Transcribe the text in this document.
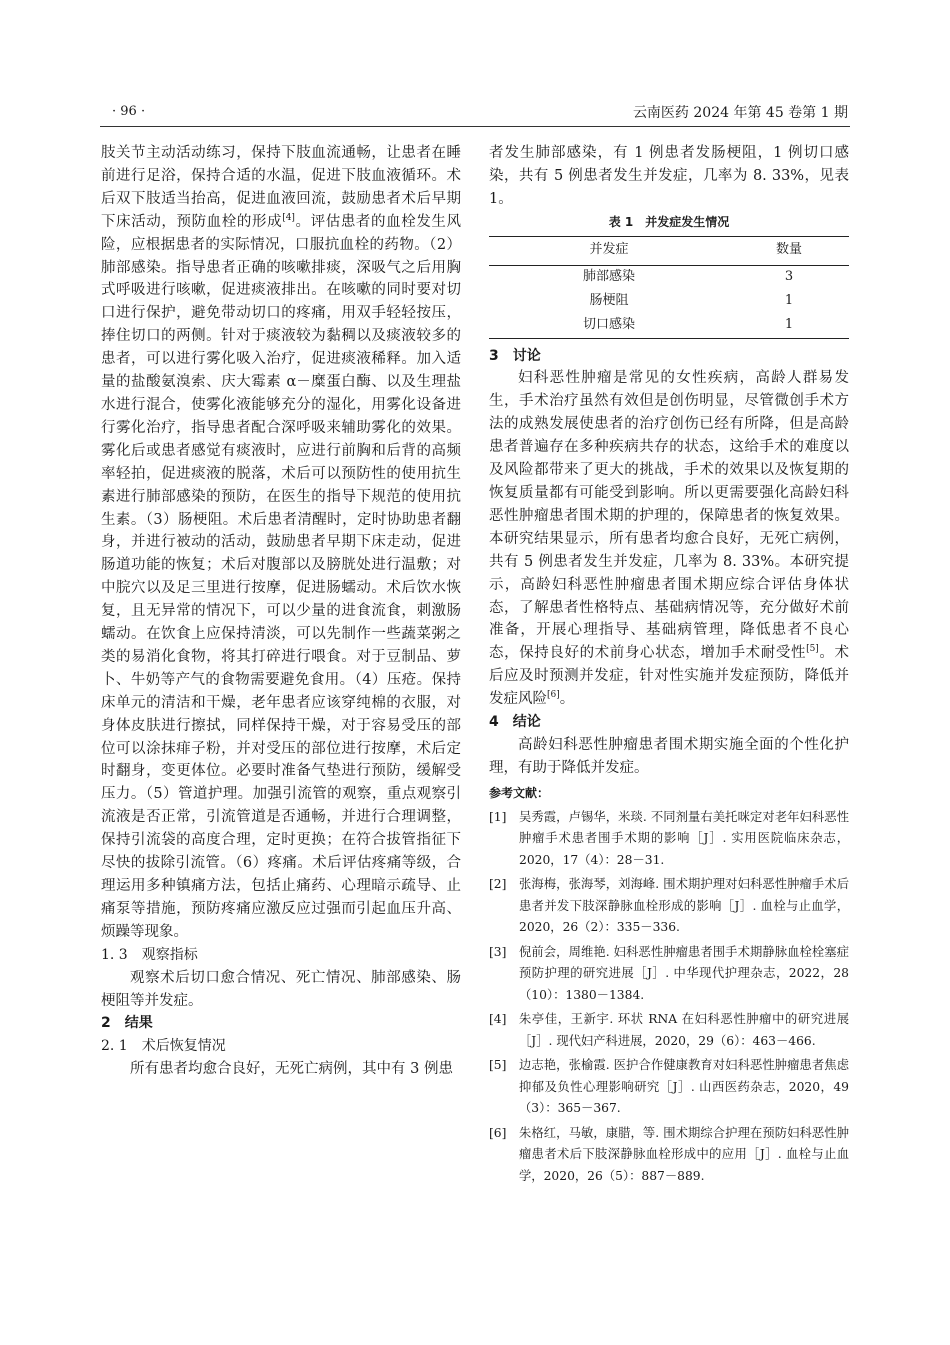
· 96 ·	云南医药 2024 年第 45 卷第 1 期

肢关节主动活动练习，保持下肢血流通畅，让患者在睡前进行足浴，保持合适的水温，促进下肢血液循环。术后双下肢适当抬高，促进血液回流，鼓励患者术后早期下床活动，预防血栓的形成[4]。评估患者的血栓发生风险，应根据患者的实际情况，口服抗血栓的药物。（2）肺部感染。指导患者正确的咳嗽排痰，深吸气之后用胸式呼吸进行咳嗽，促进痰液排出。在咳嗽的同时要对切口进行保护，避免带动切口的疼痛，用双手轻轻按压，捧住切口的两侧。针对于痰液较为黏稠以及痰液较多的患者，可以进行雾化吸入治疗，促进痰液稀释。加入适量的盐酸氨溴索、庆大霉素 α－糜蛋白酶、以及生理盐水进行混合，使雾化液能够充分的湿化，用雾化设备进行雾化治疗，指导患者配合深呼吸来辅助雾化的效果。雾化后或患者感觉有痰液时，应进行前胸和后背的高频率轻拍，促进痰液的脱落，术后可以预防性的使用抗生素进行肺部感染的预防，在医生的指导下规范的使用抗生素。（3）肠梗阻。术后患者清醒时，定时协助患者翻身，并进行被动的活动，鼓励患者早期下床走动，促进肠道功能的恢复；术后对腹部以及膀胱处进行温敷；对中脘穴以及足三里进行按摩，促进肠蠕动。术后饮水恢复，且无异常的情况下，可以少量的进食流食，刺激肠蠕动。在饮食上应保持清淡，可以先制作一些蔬菜粥之类的易消化食物，将其打碎进行喂食。对于豆制品、萝卜、牛奶等产气的食物需要避免食用。（4）压疮。保持床单元的清洁和干燥，老年患者应该穿纯棉的衣服，对身体皮肤进行擦拭，同样保持干燥，对于容易受压的部位可以涂抹痱子粉，并对受压的部位进行按摩，术后定时翻身，变更体位。必要时准备气垫进行预防，缓解受压力。（5）管道护理。加强引流管的观察，重点观察引流液是否正常，引流管道是否通畅，并进行合理调整，保持引流袋的高度合理，定时更换；在符合拔管指征下尽快的拔除引流管。（6）疼痛。术后评估疼痛等级，合理运用多种镇痛方法，包括止痛药、心理暗示疏导、止痛泵等措施，预防疼痛应激反应过强而引起血压升高、烦躁等现象。

1. 3　观察指标

观察术后切口愈合情况、死亡情况、肺部感染、肠梗阻等并发症。

2　结果

2. 1　术后恢复情况

所有患者均愈合良好，无死亡病例，其中有 3 例患

者发生肺部感染，有 1 例患者发肠梗阻，1 例切口感染，共有 5 例患者发生并发症，几率为 8. 33%，见表 1。

表 1　并发症发生情况
并发症	数量
肺部感染	3
肠梗阻	1
切口感染	1

3　讨论

妇科恶性肿瘤是常见的女性疾病，高龄人群易发生，手术治疗虽然有效但是创伤明显，尽管微创手术方法的成熟发展使患者的治疗创伤已经有所降，但是高龄患者普遍存在多种疾病共存的状态，这给手术的难度以及风险都带来了更大的挑战，手术的效果以及恢复期的恢复质量都有可能受到影响。所以更需要强化高龄妇科恶性肿瘤患者围术期的护理的，保障患者的恢复效果。本研究结果显示，所有患者均愈合良好，无死亡病例，共有 5 例患者发生并发症，几率为 8. 33%。本研究提示，高龄妇科恶性肿瘤患者围术期应综合评估身体状态，了解患者性格特点、基础病情况等，充分做好术前准备，开展心理指导、基础病管理，降低患者不良心态，保持良好的术前身心状态，增加手术耐受性[5]。术后应及时预测并发症，针对性实施并发症预防，降低并发症风险[6]。

4　结论

高龄妇科恶性肿瘤患者围术期实施全面的个性化护理，有助于降低并发症。

参考文献：
[1]	吴秀霞，卢锡华，米琰. 不同剂量右美托咪定对老年妇科恶性肿瘤手术患者围手术期的影响［J］. 实用医院临床杂志，2020，17（4）：28－31.
[2]	张海梅，张海琴，刘海峰. 围术期护理对妇科恶性肿瘤手术后患者并发下肢深静脉血栓形成的影响［J］. 血栓与止血学，2020，26（2）：335－336.
[3]	倪前会，周维艳. 妇科恶性肿瘤患者围手术期静脉血栓栓塞症预防护理的研究进展［J］. 中华现代护理杂志，2022，28（10）：1380－1384.
[4]	朱亭佳，王新宇. 环状 RNA 在妇科恶性肿瘤中的研究进展［J］. 现代妇产科进展，2020，29（6）：463－466.
[5]	边志艳，张榆霞. 医护合作健康教育对妇科恶性肿瘤患者焦虑抑郁及负性心理影响研究［J］. 山西医药杂志，2020，49（3）：365－367.
[6]	朱格红，马敏，康腊，等. 围术期综合护理在预防妇科恶性肿瘤患者术后下肢深静脉血栓形成中的应用［J］. 血栓与止血学，2020，26（5）：887－889.
